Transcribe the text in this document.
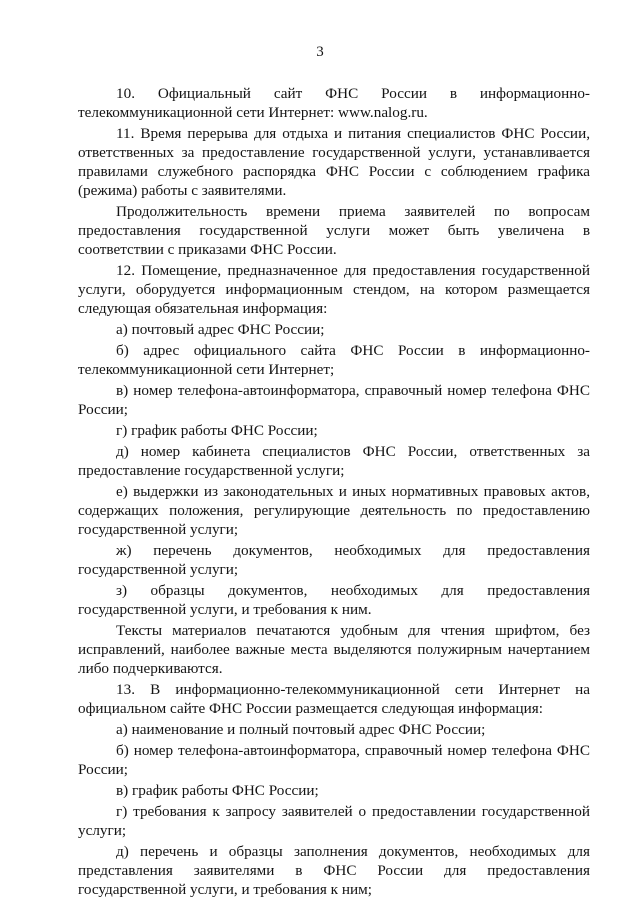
3

10. Официальный сайт ФНС России в информационно-телекоммуникационной сети Интернет: www.nalog.ru.

11. Время перерыва для отдыха и питания специалистов ФНС России, ответственных за предоставление государственной услуги, устанавливается правилами служебного распорядка ФНС России с соблюдением графика (режима) работы с заявителями.

Продолжительность времени приема заявителей по вопросам предоставления государственной услуги может быть увеличена в соответствии с приказами ФНС России.

12. Помещение, предназначенное для предоставления государственной услуги, оборудуется информационным стендом, на котором размещается следующая обязательная информация:

а) почтовый адрес ФНС России;

б) адрес официального сайта ФНС России в информационно-телекоммуникационной сети Интернет;

в) номер телефона-автоинформатора, справочный номер телефона ФНС России;

г) график работы ФНС России;

д) номер кабинета специалистов ФНС России, ответственных за предоставление государственной услуги;

е) выдержки из законодательных и иных нормативных правовых актов, содержащих положения, регулирующие деятельность по предоставлению государственной услуги;

ж) перечень документов, необходимых для предоставления государственной услуги;

з) образцы документов, необходимых для предоставления государственной услуги, и требования к ним.

Тексты материалов печатаются удобным для чтения шрифтом, без исправлений, наиболее важные места выделяются полужирным начертанием либо подчеркиваются.

13. В информационно-телекоммуникационной сети Интернет на официальном сайте ФНС России размещается следующая информация:

а) наименование и полный почтовый адрес ФНС России;

б) номер телефона-автоинформатора, справочный номер телефона ФНС России;

в) график работы ФНС России;

г) требования к запросу заявителей о предоставлении государственной услуги;

д) перечень и образцы заполнения документов, необходимых для представления заявителями в ФНС России для предоставления государственной услуги, и требования к ним;
